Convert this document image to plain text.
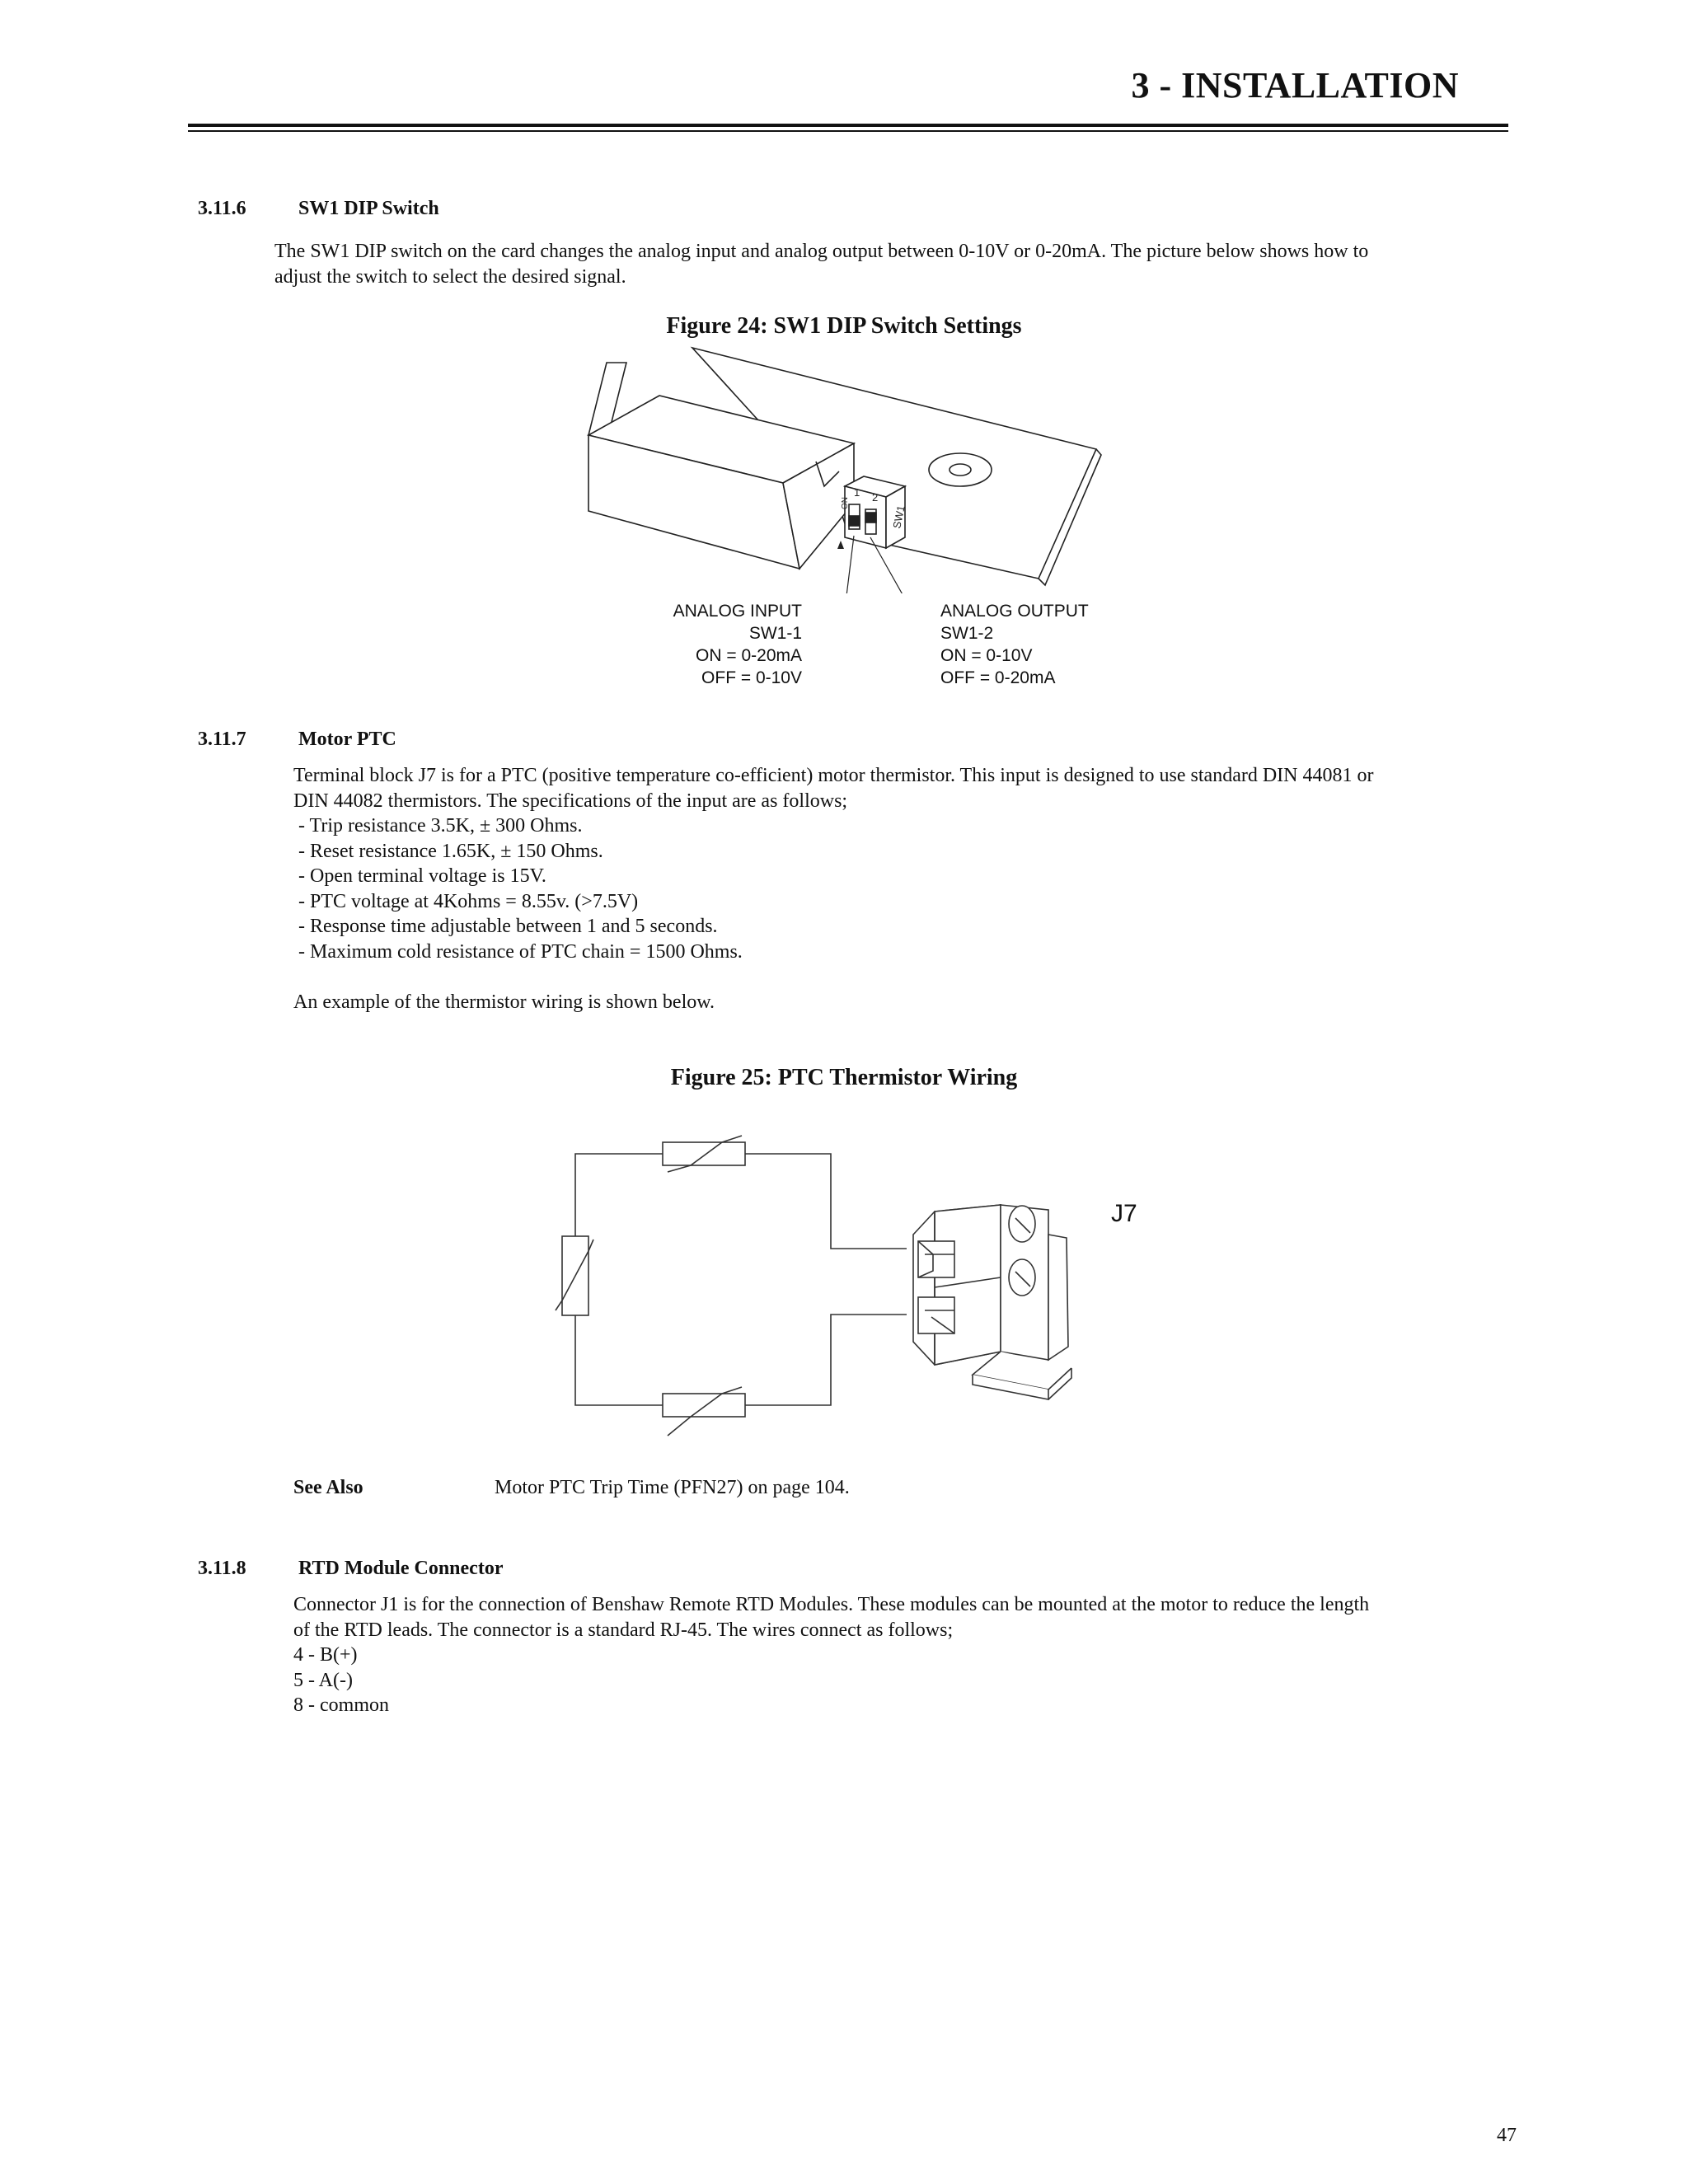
3 - INSTALLATION
3.11.6	SW1 DIP Switch
The SW1 DIP switch on the card changes the analog input and analog output between 0-10V or 0-20mA. The picture below shows how to
adjust the switch to select the desired signal.
Figure 24: SW1 DIP Switch Settings
1 2
ON
SW1
ANALOG INPUT
SW1-1
ON = 0-20mA
OFF = 0-10V
ANALOG OUTPUT
SW1-2
ON = 0-10V
OFF = 0-20mA
3.11.7	Motor PTC
Terminal block J7 is for a PTC (positive temperature co-efficient) motor thermistor. This input is designed to use standard DIN 44081 or
DIN 44082 thermistors. The specifications of the input are as follows;
- Trip resistance 3.5K, ± 300 Ohms.
- Reset resistance 1.65K, ± 150 Ohms.
- Open terminal voltage is 15V.
- PTC voltage at 4Kohms = 8.55v. (>7.5V)
- Response time adjustable between 1 and 5 seconds.
- Maximum cold resistance of PTC chain = 1500 Ohms.
An example of the thermistor wiring is shown below.
Figure 25: PTC Thermistor Wiring
J7
See Also	Motor PTC Trip Time (PFN27) on page 104.
3.11.8	RTD Module Connector
Connector J1 is for the connection of Benshaw Remote RTD Modules. These modules can be mounted at the motor to reduce the length
of the RTD leads. The connector is a standard RJ-45. The wires connect as follows;
4 - B(+)
5 - A(-)
8 - common
47
